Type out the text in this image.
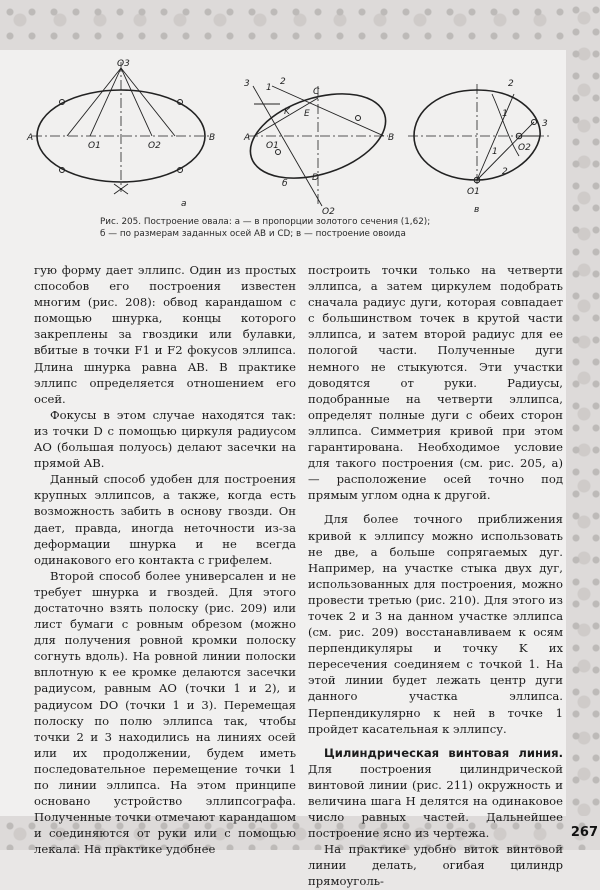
O3
A	B
O1	O2
а
3 1
2
C
E
K
A
O1
B
D
O2
б
2
1
3
O2
1
2
O1
в
Рис. 205. Построение овала: а — в пропорции золотого сечения (1,62);
б — по размерам заданных осей AB и CD; в — построение овоида

гую форму дает эллипс. Один из простых способов его построения известен многим (рис. 208): обвод карандашом с помощью шнурка, концы которого закреплены за гвоздики или булавки, вбитые в точки F1 и F2 фокусов эллипса. Длина шнурка равна AB. В практике эллипс определяется отношением его осей.

Фокусы в этом случае находятся так: из точки D с помощью циркуля радиусом AO (большая полуось) делают засечки на прямой AB.

Данный способ удобен для построения крупных эллипсов, а также, когда есть возможность забить в основу гвозди. Он дает, правда, иногда неточности из-за деформации шнурка и не всегда одинакового его контакта с грифелем.

Второй способ более универсален и не требует шнурка и гвоздей. Для этого достаточно взять полоску (рис. 209) или лист бумаги с ровным обрезом (можно для получения ровной кромки полоску согнуть вдоль). На ровной линии полоски вплотную к ее кромке делаются засечки радиусом, равным AO (точки 1 и 2), и радиусом DO (точки 1 и 3). Перемещая полоску по полю эллипса так, чтобы точки 2 и 3 находились на линиях осей или их продолжении, будем иметь последовательное перемещение точки 1 по линии эллипса. На этом принципе основано устройство эллипсографа. Полученные точки отмечают карандашом и соединяются от руки или с помощью лекала. На практике удобнее

построить точки только на четверти эллипса, а затем циркулем подобрать сначала радиус дуги, которая совпадает с большинством точек в крутой части эллипса, и затем второй радиус для ее пологой части. Полученные дуги немного не стыкуются. Эти участки доводятся от руки. Радиусы, подобранные на четверти эллипса, определят полные дуги с обеих сторон эллипса. Симметрия кривой при этом гарантирована. Необходимое условие для такого построения (см. рис. 205, а) — расположение осей точно под прямым углом одна к другой.

Для более точного приближения кривой к эллипсу можно использовать не две, а больше сопрягаемых дуг. Например, на участке стыка двух дуг, использованных для построения, можно провести третью (рис. 210). Для этого из точек 2 и 3 на данном участке эллипса (см. рис. 209) восстанавливаем к осям перпендикуляры и точку K их пересечения соединяем с точкой 1. На этой линии будет лежать центр дуги данного участка эллипса. Перпендикулярно к ней в точке 1 пройдет касательная к эллипсу.

Цилиндрическая винтовая линия. Для построения цилиндрической винтовой линии (рис. 211) окружность и величина шага H делятся на одинаковое число равных частей. Дальнейшее построение ясно из чертежа.

На практике удобно виток винтовой линии делать, огибая цилиндр прямоуголь-

267
